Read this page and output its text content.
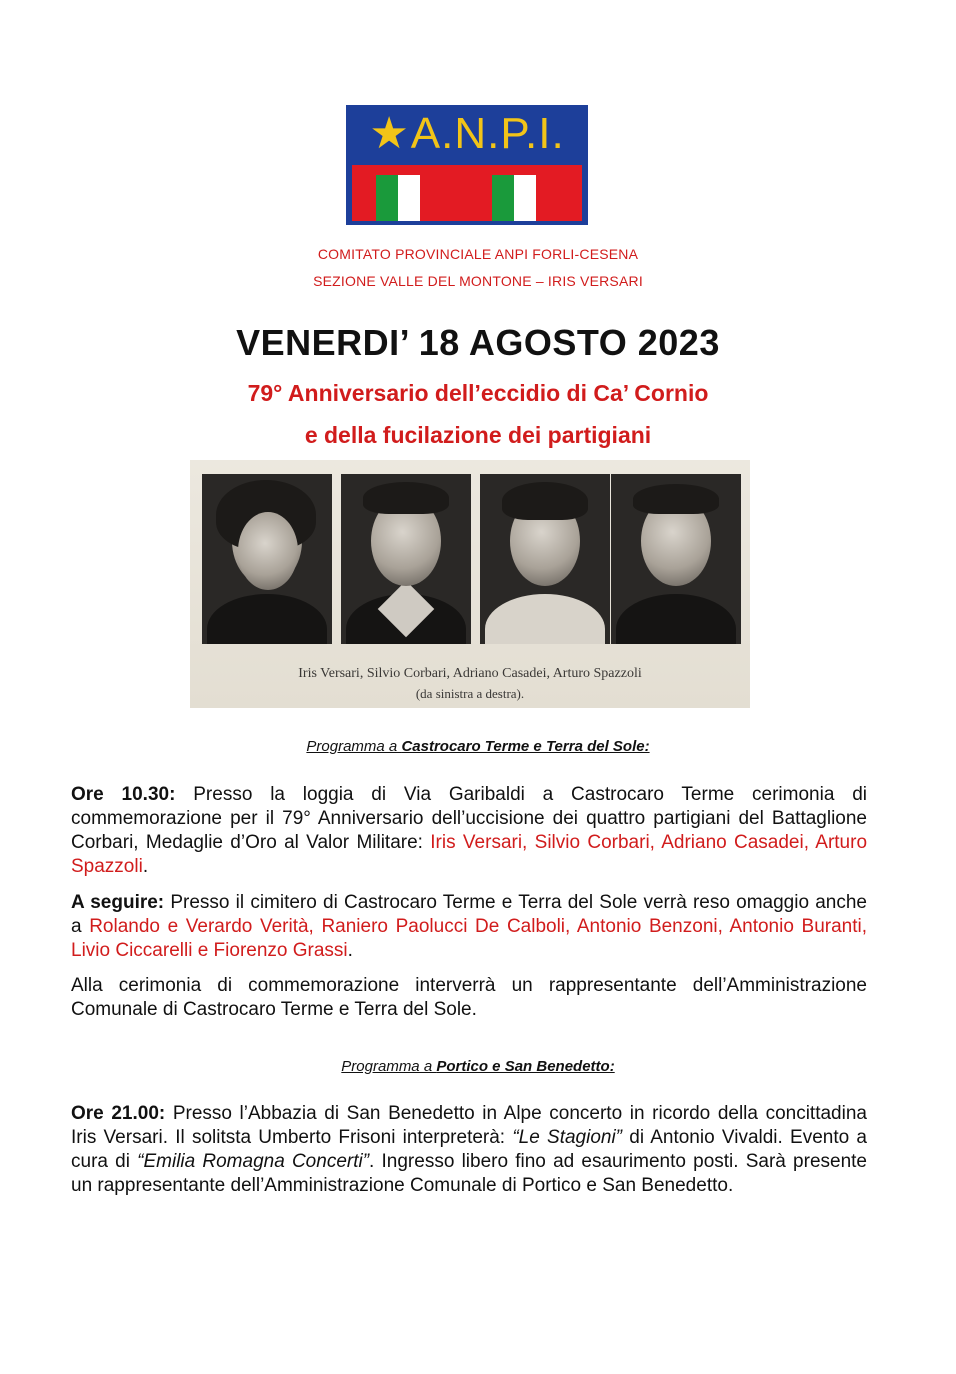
★ A.N.P.I.
COMITATO PROVINCIALE ANPI FORLI-CESENA
SEZIONE VALLE DEL MONTONE – IRIS VERSARI
VENERDI’ 18 AGOSTO 2023
79° Anniversario dell’eccidio di Ca’ Cornio
e della fucilazione dei partigiani
Iris Versari, Silvio Corbari, Adriano Casadei, Arturo Spazzoli
(da sinistra a destra).
Programma a Castrocaro Terme e Terra del Sole:
Ore 10.30: Presso la loggia di Via Garibaldi a Castrocaro Terme cerimonia di commemorazione per il 79° Anniversario dell’uccisione dei quattro partigiani del Battaglione Corbari, Medaglie d’Oro al Valor Militare: Iris Versari, Silvio Corbari, Adriano Casadei, Arturo Spazzoli.
A seguire: Presso il cimitero di Castrocaro Terme e Terra del Sole verrà reso omaggio anche a Rolando e Verardo Verità, Raniero Paolucci De Calboli, Antonio Benzoni, Antonio Buranti, Livio Ciccarelli e Fiorenzo Grassi.
Alla cerimonia di commemorazione interverrà un rappresentante dell’Amministrazione Comunale di Castrocaro Terme e Terra del Sole.
Programma a Portico e San Benedetto:
Ore 21.00: Presso l’Abbazia di San Benedetto in Alpe concerto in ricordo della concittadina Iris Versari. Il solitsta Umberto Frisoni interpreterà: “Le Stagioni” di Antonio Vivaldi. Evento a cura di “Emilia Romagna Concerti”. Ingresso libero fino ad esaurimento posti. Sarà presente un rappresentante dell’Amministrazione Comunale di Portico e San Benedetto.
